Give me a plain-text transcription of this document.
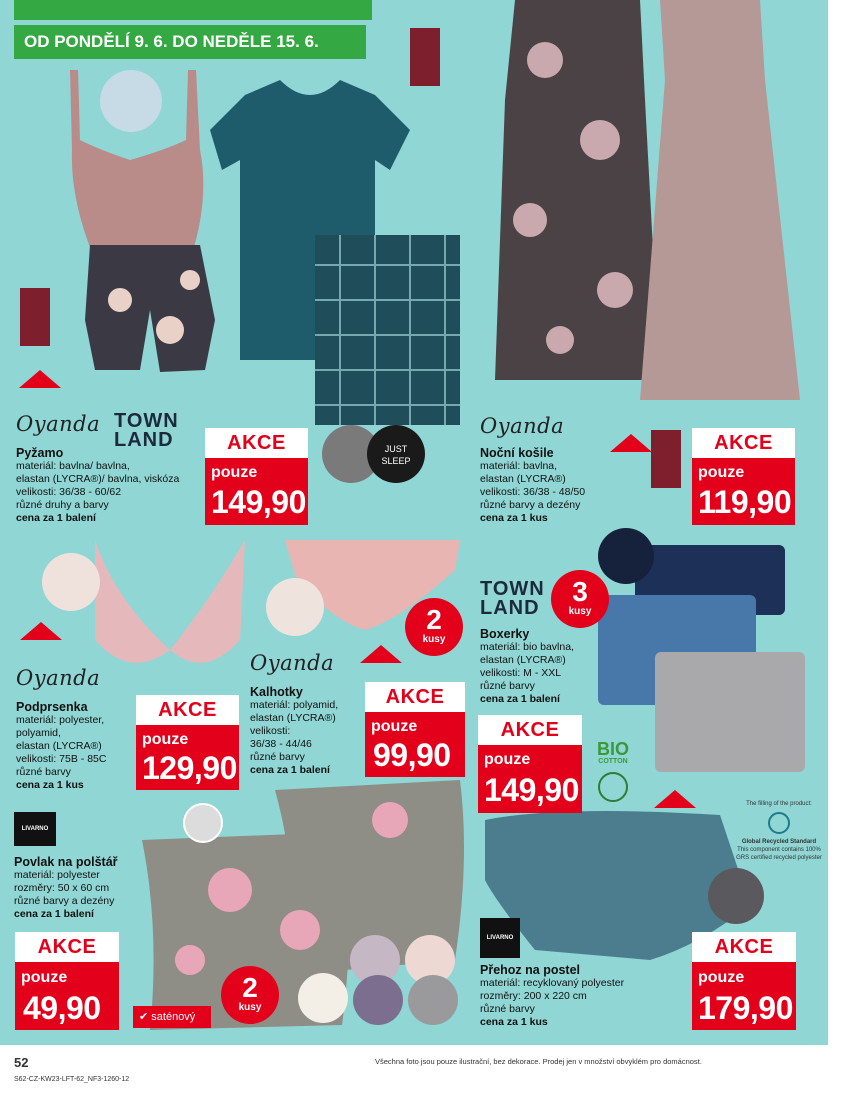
OD PONDĚLÍ 9. 6. DO NEDĚLE 15. 6.
JUST
SLEEP
BIO
COTTON
The filling of the product:
Global Recycled Standard
This component contains 100% GRS certified recycled polyester
Oyanda TOWN LAND
Pyžamo
materiál: bavlna/ bavlna,
elastan (LYCRA®)/ bavlna, viskóza
velikosti: 36/38 - 60/62
různé druhy a barvy
cena za 1 balení
AKCE
pouze
149,90
Oyanda
Noční košile
materiál: bavlna,
elastan (LYCRA®)
velikosti: 36/38 - 48/50
různé barvy a dezény
cena za 1 kus
AKCE
pouze
119,90
Oyanda
Podprsenka
materiál: polyester,
polyamid,
elastan (LYCRA®)
velikosti: 75B - 85C
různé barvy
cena za 1 kus
AKCE
pouze
129,90
2
kusy
Oyanda
Kalhotky
materiál: polyamid,
elastan (LYCRA®)
velikosti:
36/38 - 44/46
různé barvy
cena za 1 balení
AKCE
pouze
99,90
TOWN LAND
3
kusy
Boxerky
materiál: bio bavlna,
elastan (LYCRA®)
velikosti: M - XXL
různé barvy
cena za 1 balení
AKCE
pouze
149,90
LIVARNO
Povlak na polštář
materiál: polyester
rozměry: 50 x 60 cm
různé barvy a dezény
cena za 1 balení
AKCE
pouze
49,90
2
kusy
✔ saténový
LIVARNO
Přehoz na postel
materiál: recyklovaný polyester
rozměry: 200 x 220 cm
různé barvy
cena za 1 kus
AKCE
pouze
179,90
52
S62-CZ-KW23-LFT-62_NF3-1260-12
Všechna foto jsou pouze ilustrační, bez dekorace. Prodej jen v množství obvyklém pro domácnost.
